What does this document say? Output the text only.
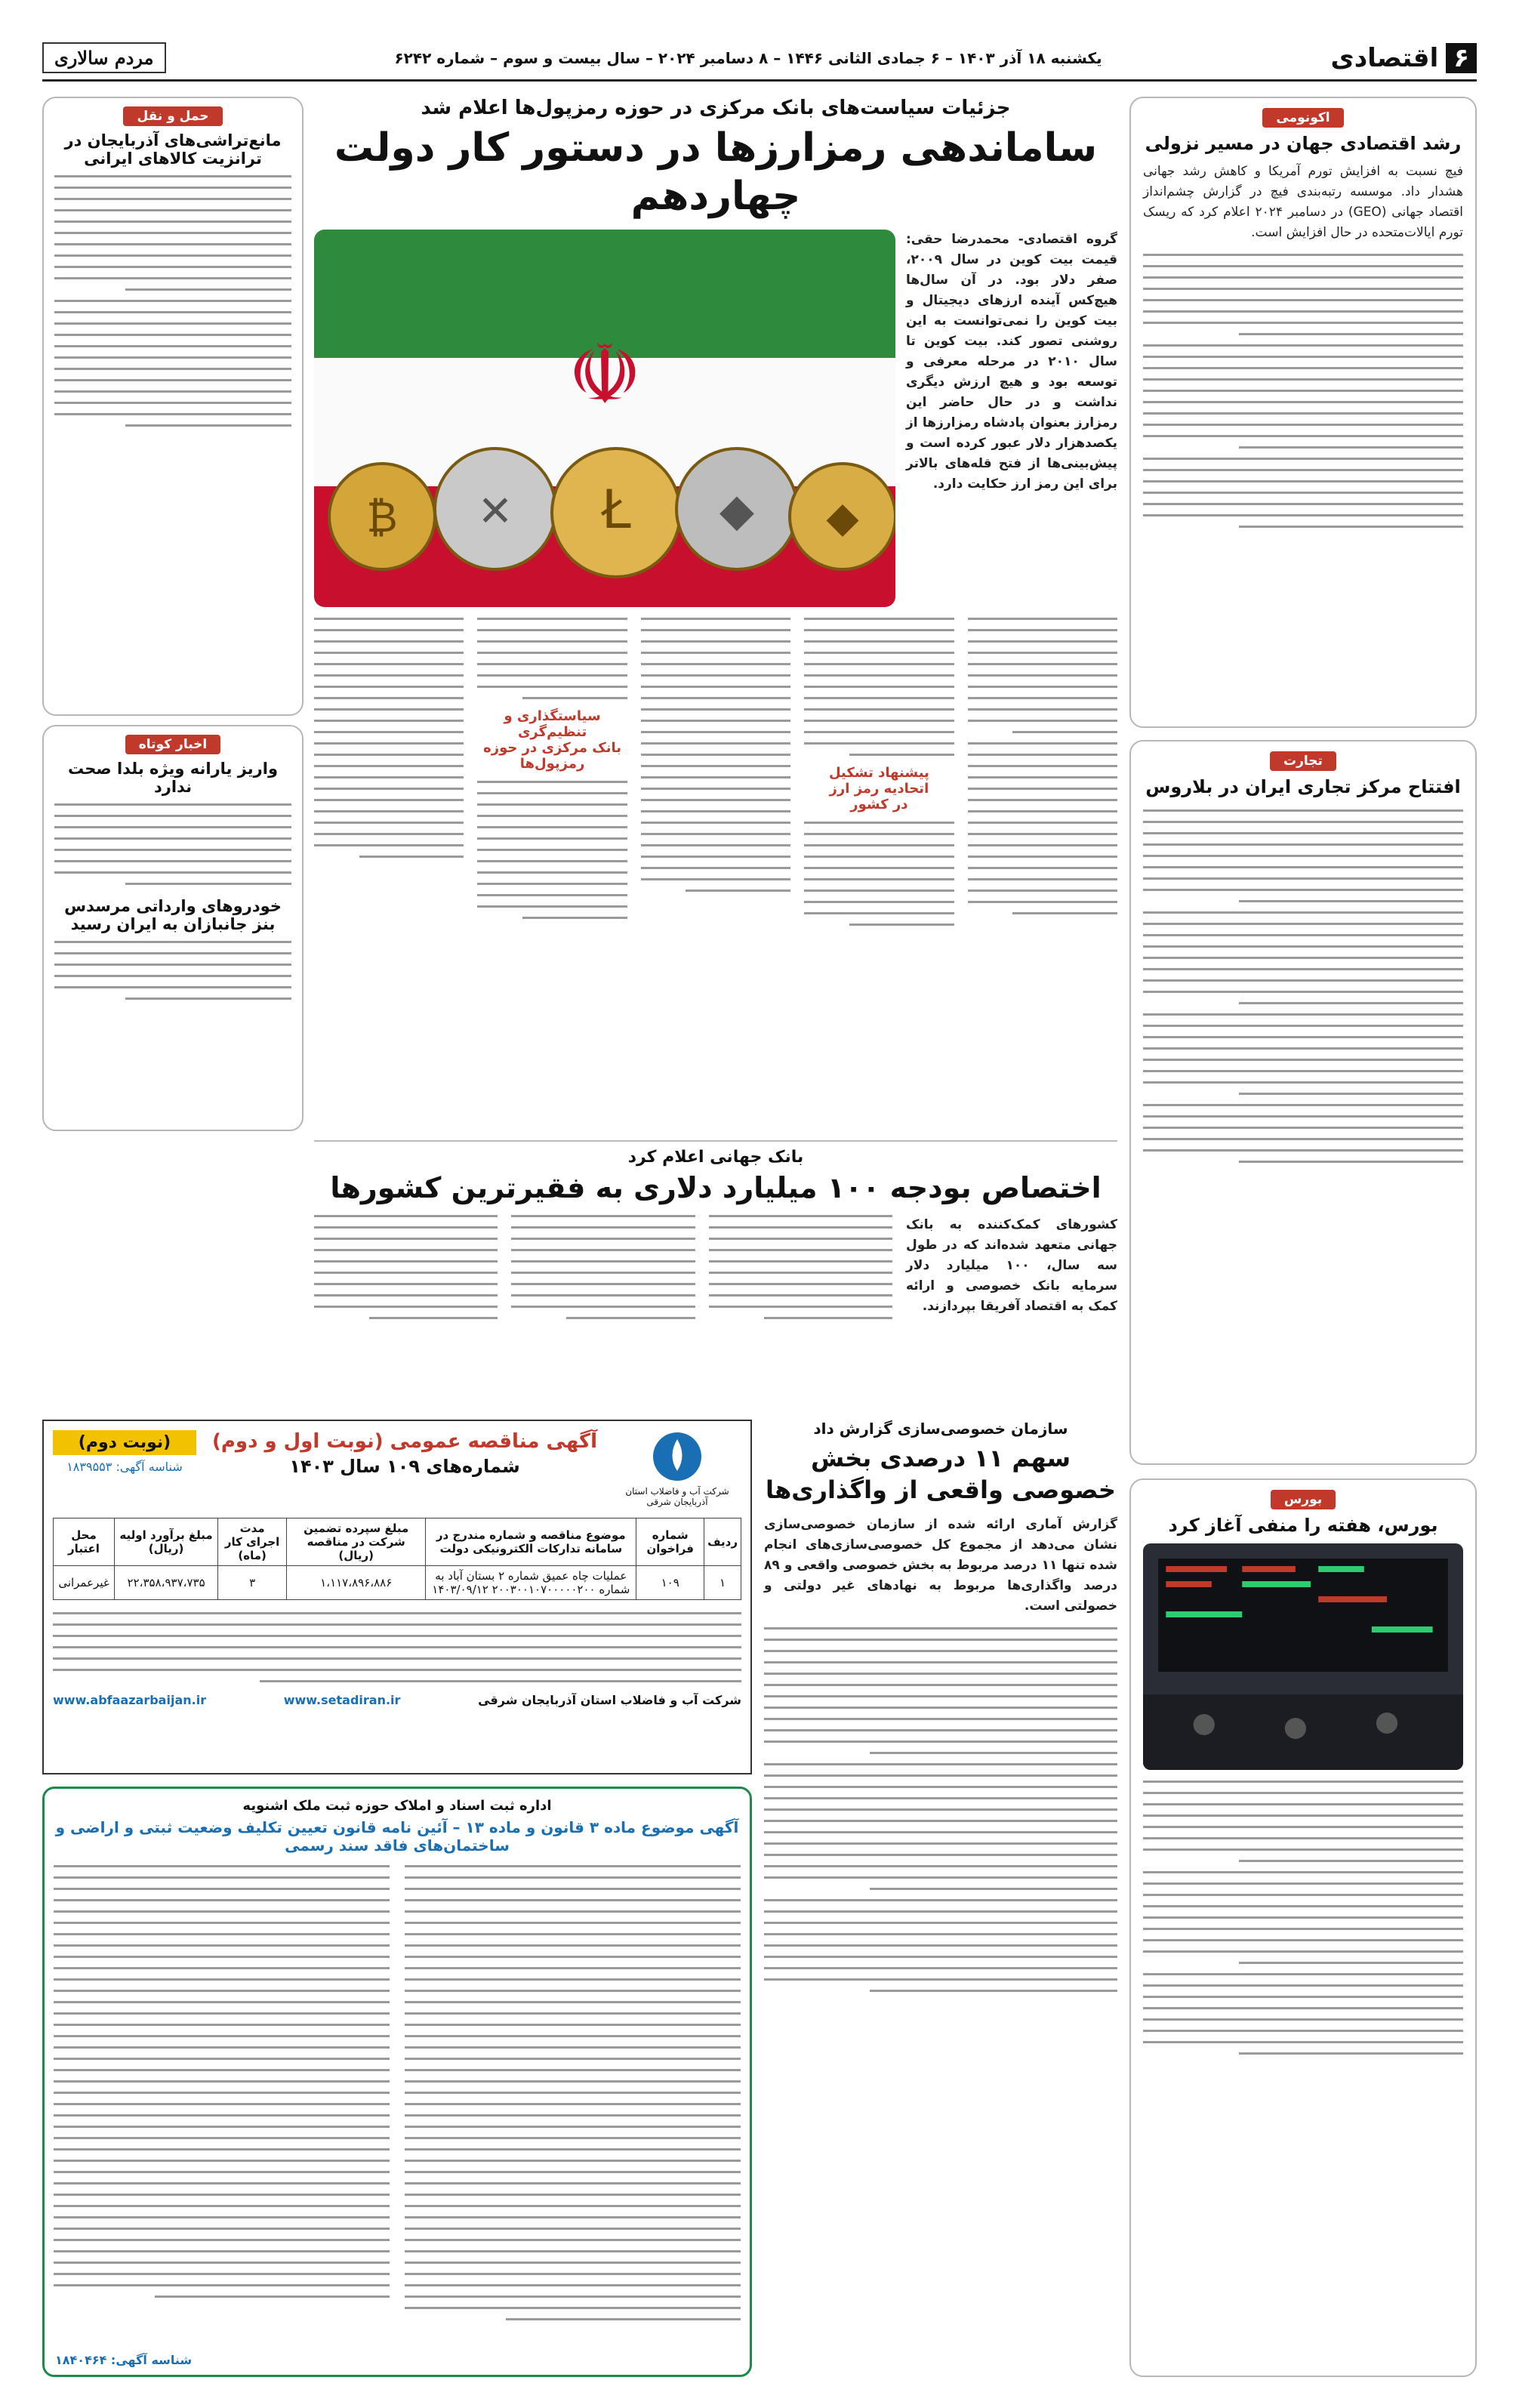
۶
اقتصادی
یکشنبه ۱۸ آذر ۱۴۰۳ – ۶ جمادی الثانی ۱۴۴۶ – ۸ دسامبر ۲۰۲۴ – سال بیست و سوم – شماره ۶۲۴۲
مردم سالاری
اکونومی
رشد اقتصادی جهان در مسیر نزولی
فیچ نسبت به افزایش تورم آمریکا و کاهش رشد جهانی هشدار داد. موسسه رتبه‌بندی فیچ در گزارش چشم‌انداز اقتصاد جهانی (GEO) در دسامبر ۲۰۲۴ اعلام کرد که ریسک تورم ایالات‌متحده در حال افزایش است.
تجارت
افتتاح مرکز تجاری ایران در بلاروس
بورس
بورس، هفته را منفی آغاز کرد
جزئیات سیاست‌های بانک مرکزی در حوزه رمزپول‌ها اعلام شد
ساماندهی رمزارزها در دستور کار دولت چهاردهم
گروه اقتصادی- محمدرضا حقی: قیمت بیت کوین در سال ۲۰۰۹، صفر دلار بود. در آن سال‌ها هیچ‌کس آینده ارزهای دیجیتال و بیت کوین را نمی‌توانست به این روشنی تصور کند. بیت کوین تا سال ۲۰۱۰ در مرحله معرفی و توسعه بود و هیچ ارزش دیگری نداشت و در حال حاضر این رمزارز بعنوان پادشاه رمزارزها از یکصدهزار دلار عبور کرده است و پیش‌بینی‌ها از فتح قله‌های بالاتر برای این رمز ارز حکایت دارد.
☫
Ł ◆
₿ ✕	◆
پیشنهاد تشکیل اتحادیه رمز ارز
در کشور
سیاستگذاری و تنظیم‌گری
بانک مرکزی در حوزه رمزپول‌ها
حمل و نقل
مانع‌تراشی‌های آذربایجان در ترانزیت کالاهای ایرانی
اخبار کوتاه
واریز یارانه ویژه بلدا صحت ندارد
خودروهای وارداتی مرسدس بنز جانبازان به ایران رسید
بانک جهانی اعلام کرد
اختصاص بودجه ۱۰۰ میلیارد دلاری به فقیرترین کشورها
کشورهای کمک‌کننده به بانک جهانی متعهد شده‌اند که در طول سه سال، ۱۰۰ میلیارد دلار سرمایه بانک خصوصی و ارائه کمک به اقتصاد آفریقا بپردازند.
شرکت آب و فاضلاب استان آذربایجان شرقی
آگهی مناقصه عمومی (نوبت اول و دوم)
شماره‌های ۱۰۹ سال ۱۴۰۳
(نوبت دوم)
شناسه آگهی: ۱۸۳۹۵۵۳
ردیف	شماره فراخوان	موضوع مناقصه و شماره مندرج در سامانه تدارکات الکترونیکی دولت	مبلغ سپرده تضمین شرکت در مناقصه (ریال)	مدت اجرای کار (ماه)	مبلغ برآورد اولیه (ریال)	محل اعتبار
۱	۱۰۹	عملیات چاه عمیق شماره ۲ بستان آباد به شماره ۲۰۰۳۰۰۱۰۷۰۰۰۰۰۲۰۰ ۱۴۰۳/۰۹/۱۲	۱،۱۱۷،۸۹۶،۸۸۶	۳	۲۲،۳۵۸،۹۳۷،۷۳۵	غیرعمرانی
شرکت آب و فاضلاب استان آذربایجان شرقی
www.setadiran.ir
www.abfaazarbaijan.ir
اداره ثبت اسناد و املاک حوزه ثبت ملک اشنویه
آگهی موضوع ماده ۳ قانون و ماده ۱۳ – آئین نامه قانون تعیین تکلیف وضعیت ثبتی و اراضی و ساختمان‌های فاقد سند رسمی
شناسه آگهی: ۱۸۴۰۴۶۴
سازمان خصوصی‌سازی گزارش داد
سهم ۱۱ درصدی بخش خصوصی واقعی از واگذاری‌ها
گزارش آماری ارائه شده از سازمان خصوصی‌سازی نشان می‌دهد از مجموع کل خصوصی‌سازی‌های انجام شده تنها ۱۱ درصد مربوط به بخش خصوصی واقعی و ۸۹ درصد واگذاری‌ها مربوط به نهادهای غیر دولتی و خصولتی است.
